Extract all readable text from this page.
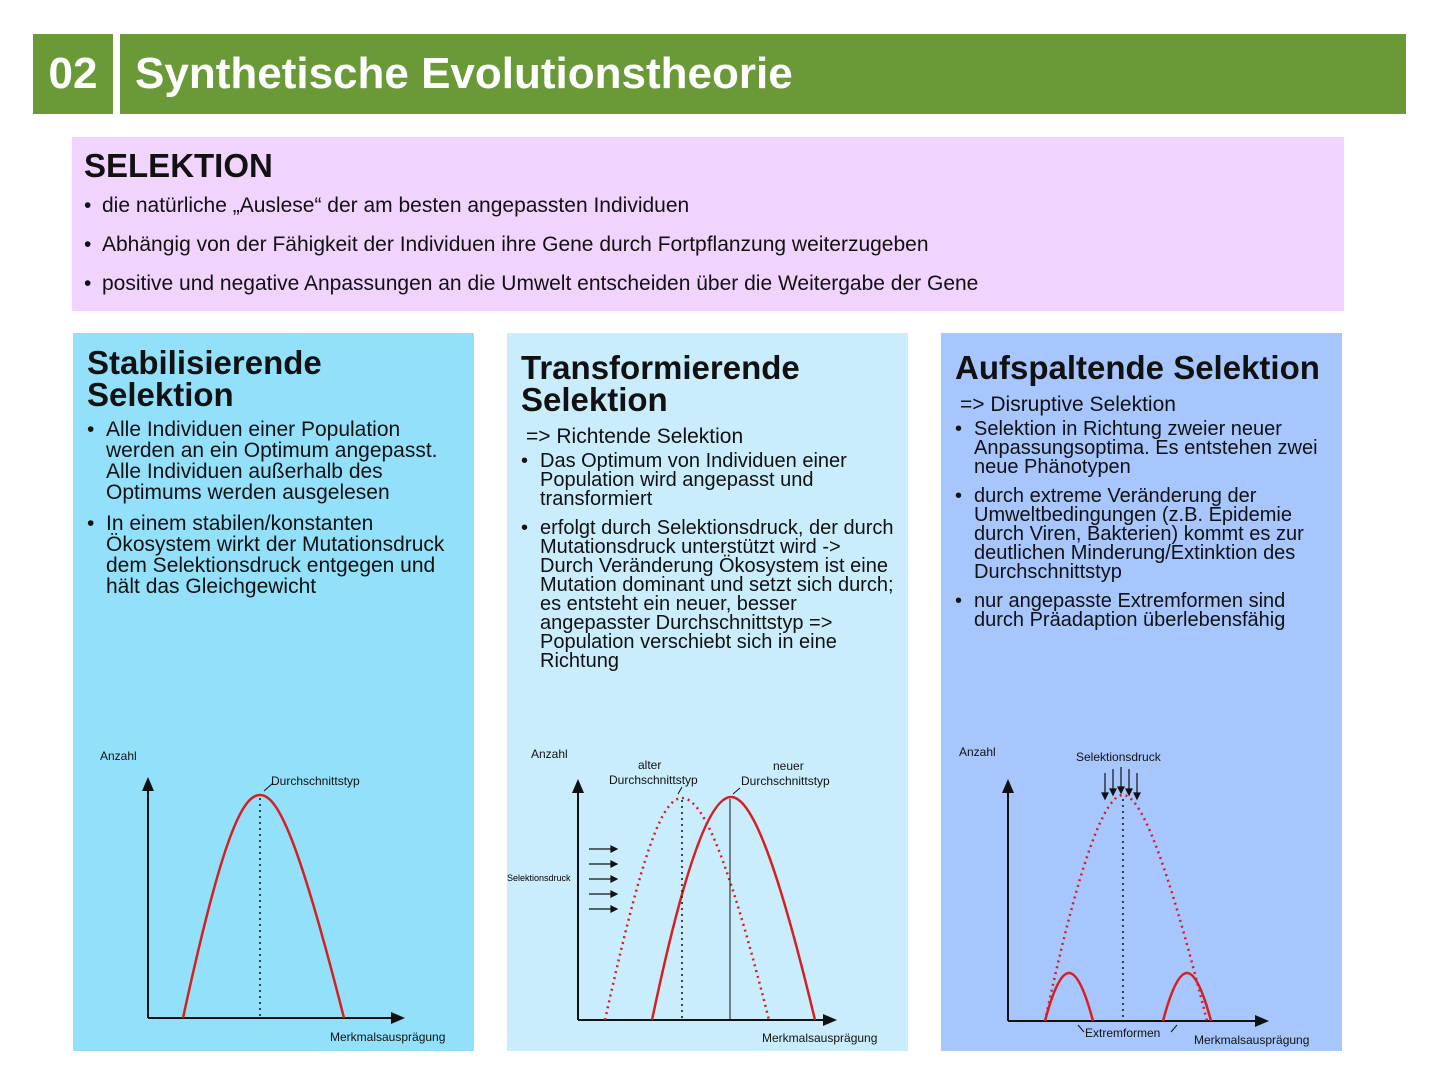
02 Synthetische Evolutionstheorie
SELEKTION
• die natürliche „Auslese“ der am besten angepassten Individuen
• Abhängig von der Fähigkeit der Individuen ihre Gene durch Fortpflanzung weiterzugeben
• positive und negative Anpassungen an die Umwelt entscheiden über die Weitergabe der Gene
Stabilisierende Selektion
• Alle Individuen einer Population werden an ein Optimum angepasst. Alle Individuen außerhalb des Optimums werden ausgelesen
• In einem stabilen/konstanten Ökosystem wirkt der Mutationsdruck dem Selektionsdruck entgegen und hält das Gleichgewicht
Anzahl
Merkmalsausprägung
Durchschnittstyp
Transformierende Selektion
=> Richtende Selektion
• Das Optimum von Individuen einer Population wird angepasst und transformiert
• erfolgt durch Selektionsdruck, der durch Mutationsdruck unterstützt wird -> Durch Veränderung Ökosystem ist eine Mutation dominant und setzt sich durch; es entsteht ein neuer, besser angepasster Durchschnittstyp => Population verschiebt sich in eine Richtung
Anzahl
Merkmalsausprägung
alter
Durchschnittstyp
neuer
Durchschnittstyp
Selektionsdruck
Aufspaltende Selektion
=> Disruptive Selektion
• Selektion in Richtung zweier neuer Anpassungsoptima. Es entstehen zwei neue Phänotypen
• durch extreme Veränderung der Umweltbedingungen (z.B. Epidemie durch Viren, Bakterien) kommt es zur deutlichen Minderung/Extinktion des Durchschnittstyp
• nur angepasste Extremformen sind durch Präadaption überlebensfähig
Anzahl
Merkmalsausprägung
Selektionsdruck
Extremformen
